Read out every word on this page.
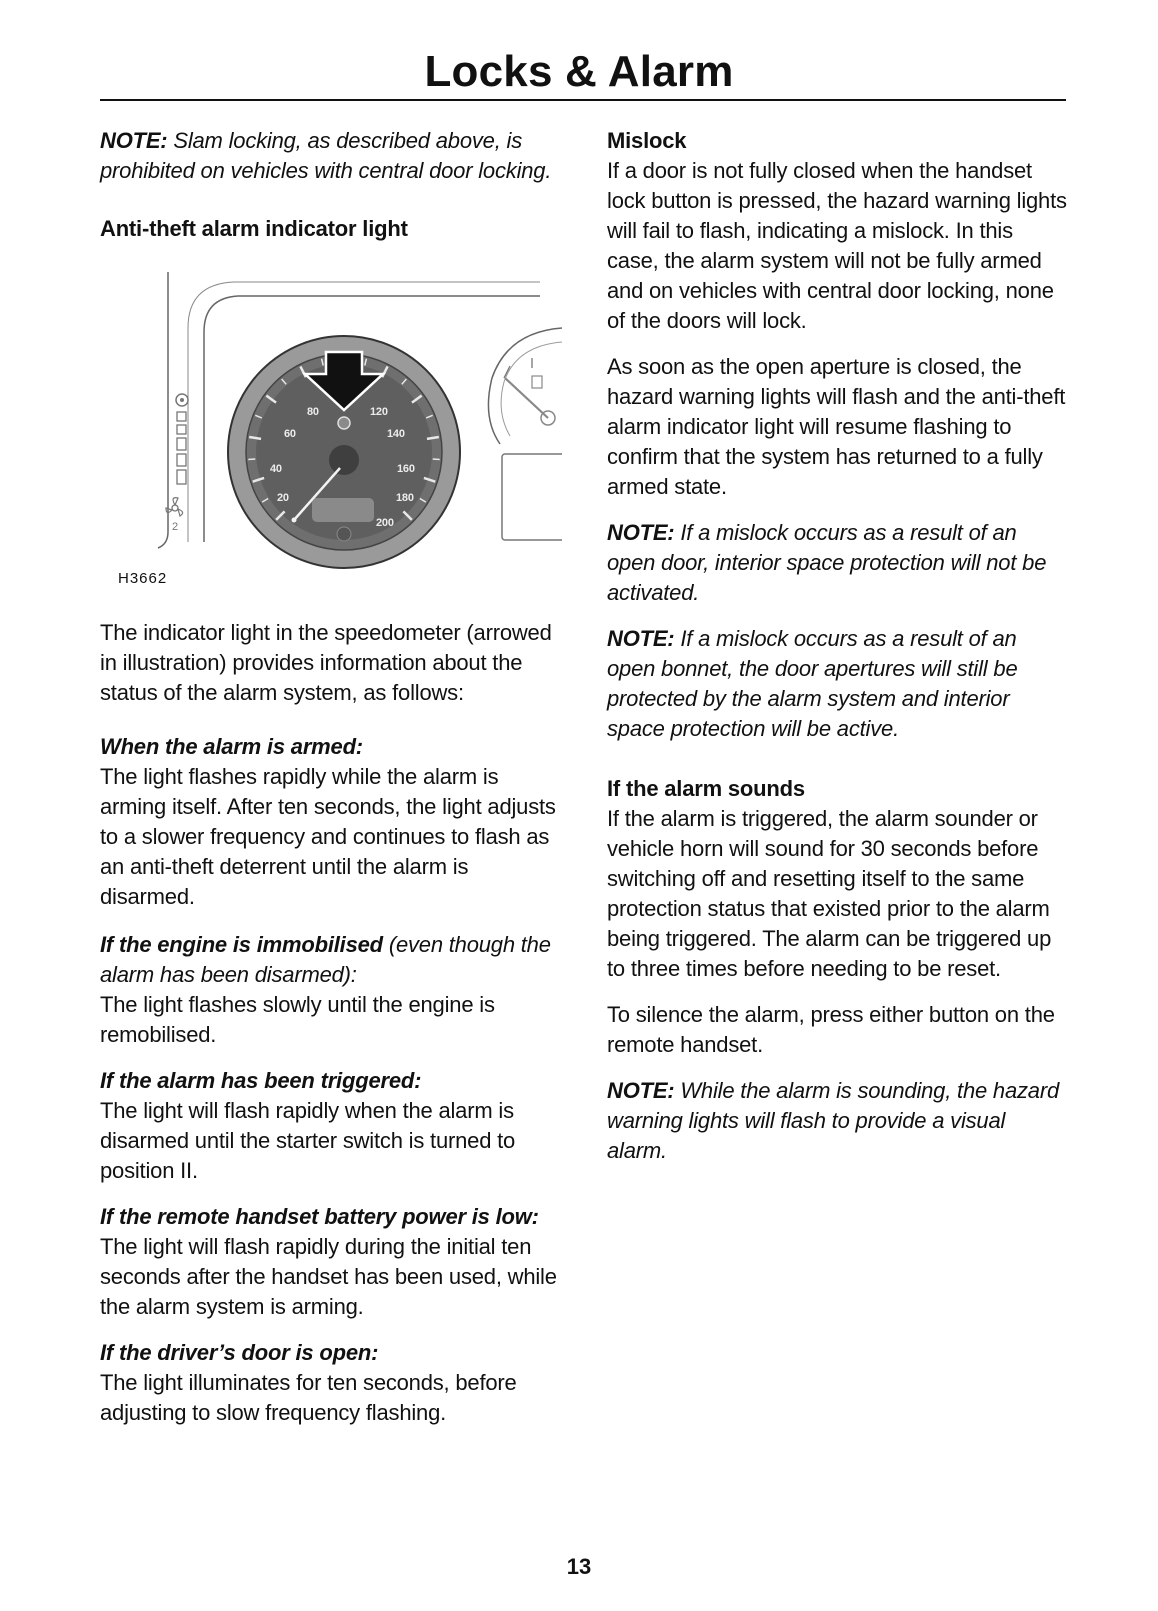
Locks & Alarm

NOTE: Slam locking, as described above, is prohibited on vehicles with central door locking.

Anti-theft alarm indicator light

2
20
40
60
80	120
140
160
180
200
H3662

The indicator light in the speedometer (arrowed in illustration) provides information about the status of the alarm system, as follows:

When the alarm is armed:

The light flashes rapidly while the alarm is arming itself. After ten seconds, the light adjusts to a slower frequency and continues to flash as an anti-theft deterrent until the alarm is disarmed.

If the engine is immobilised (even though the alarm has been disarmed):

The light flashes slowly until the engine is remobilised.

If the alarm has been triggered:

The light will flash rapidly when the alarm is disarmed until the starter switch is turned to position II.

If the remote handset battery power is low:

The light will flash rapidly during the initial ten seconds after the handset has been used, while the alarm system is arming.

If the driver’s door is open:

The light illuminates for ten seconds, before adjusting to slow frequency flashing.

Mislock

If a door is not fully closed when the handset lock button is pressed, the hazard warning lights will fail to flash, indicating a mislock. In this case, the alarm system will not be fully armed and on vehicles with central door locking, none of the doors will lock.

As soon as the open aperture is closed, the hazard warning lights will flash and the anti-theft alarm indicator light will resume flashing to confirm that the system has returned to a fully armed state.

NOTE: If a mislock occurs as a result of an open door, interior space protection will not be activated.

NOTE: If a mislock occurs as a result of an open bonnet, the door apertures will still be protected by the alarm system and interior space protection will be active.

If the alarm sounds

If the alarm is triggered, the alarm sounder or vehicle horn will sound for 30 seconds before switching off and resetting itself to the same protection status that existed prior to the alarm being triggered. The alarm can be triggered up to three times before needing to be reset.

To silence the alarm, press either button on the remote handset.

NOTE: While the alarm is sounding, the hazard warning lights will flash to provide a visual alarm.

13
